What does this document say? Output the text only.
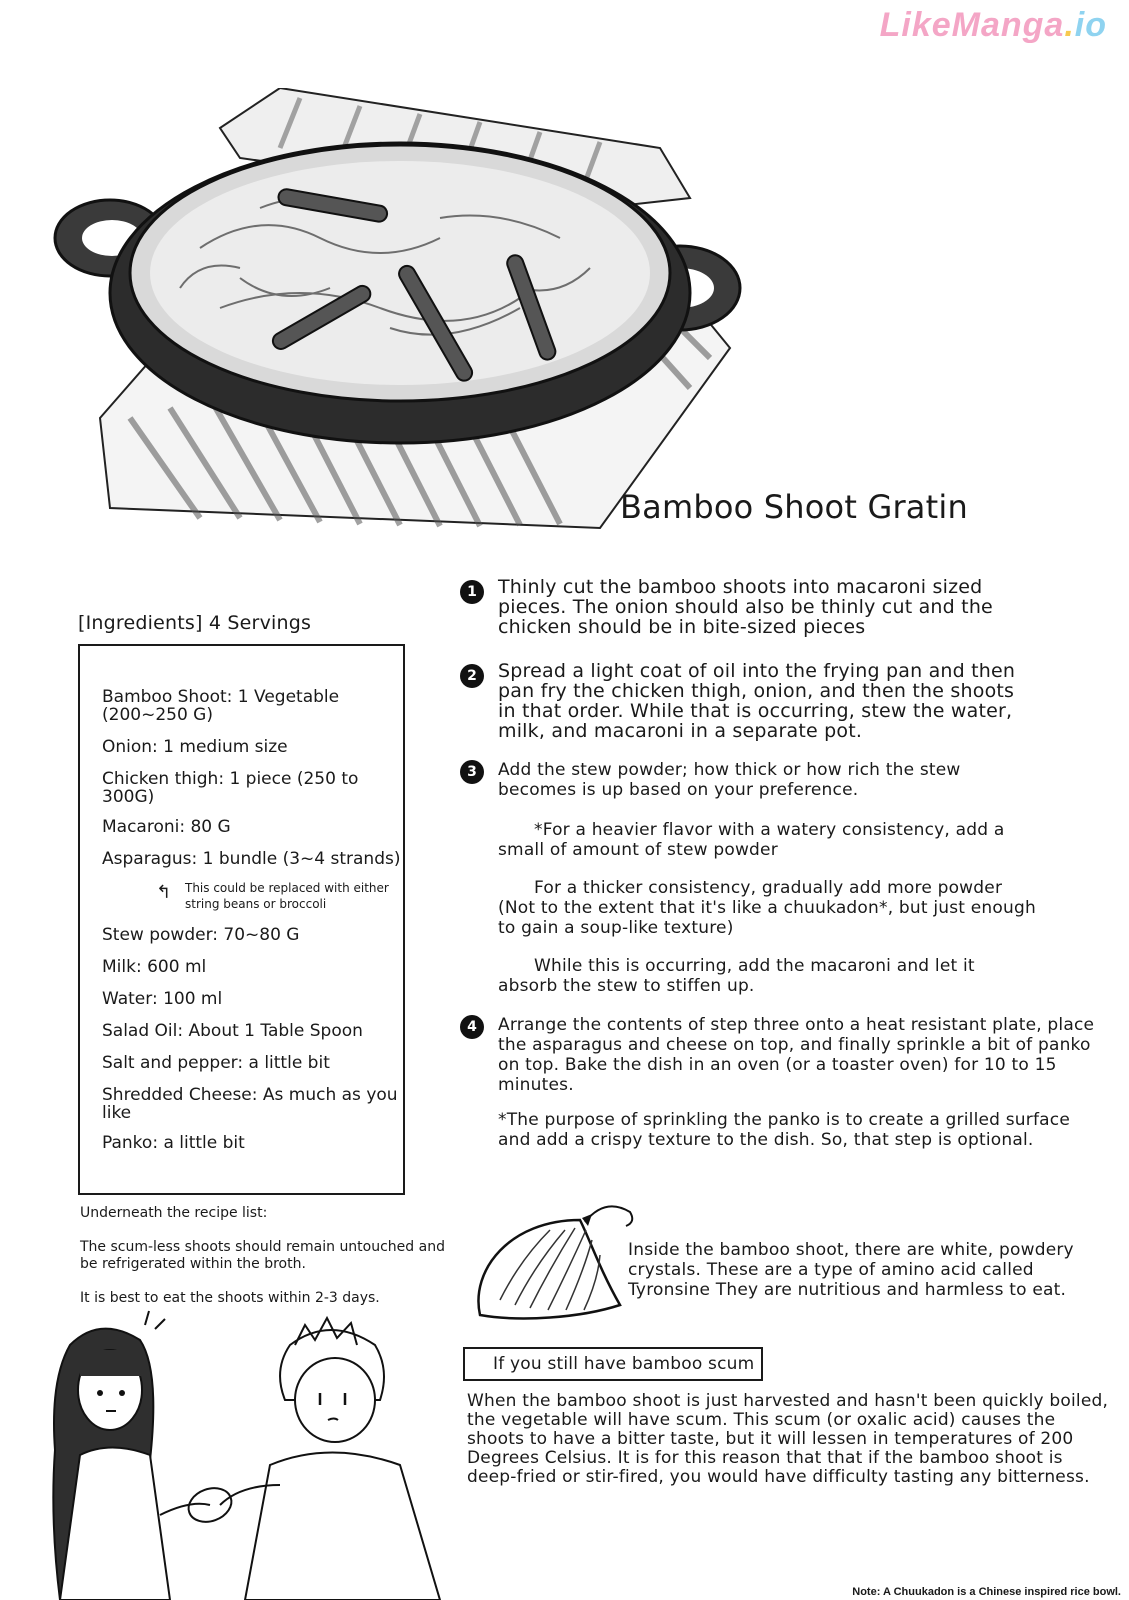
LikeManga.io
Bamboo Shoot Gratin
[Ingredients] 4 Servings
Bamboo Shoot: 1 Vegetable (200~250 G)
Onion: 1 medium size
Chicken thigh: 1 piece (250 to 300G)
Macaroni: 80 G
Asparagus: 1 bundle (3~4 strands)
↰ This could be replaced with either string beans or broccoli
Stew powder: 70~80 G
Milk: 600 ml
Water: 100 ml
Salad Oil: About 1 Table Spoon
Salt and pepper: a little bit
Shredded Cheese: As much as you like
Panko: a little bit
Underneath the recipe list:
The scum-less shoots should remain untouched and be refrigerated within the broth.
It is best to eat the shoots within 2-3 days.
1	Thinly cut the bamboo shoots into macaroni sized pieces. The onion should also be thinly cut and the chicken should be in bite-sized pieces
2	Spread a light coat of oil into the frying pan and then pan fry the chicken thigh, onion, and then the shoots in that order. While that is occurring, stew the water, milk, and macaroni in a separate pot.
3	Add the stew powder; how thick or how rich the stew becomes is up based on your preference.
*For a heavier flavor with a watery consistency, add a small of amount of stew powder
For a thicker consistency, gradually add more powder (Not to the extent that it's like a chuukadon*, but just enough to gain a soup-like texture)
While this is occurring, add the macaroni and let it absorb the stew to stiffen up.
4	Arrange the contents of step three onto a heat resistant plate, place the asparagus and cheese on top, and finally sprinkle a bit of panko on top. Bake the dish in an oven (or a toaster oven) for 10 to 15 minutes.
*The purpose of sprinkling the panko is to create a grilled surface and add a crispy texture to the dish. So, that step is optional.
Inside the bamboo shoot, there are white, powdery crystals. These are a type of amino acid called Tyronsine They are nutritious and harmless to eat.
If you still have bamboo scum
When the bamboo shoot is just harvested and hasn't been quickly boiled, the vegetable will have scum. This scum (or oxalic acid) causes the shoots to have a bitter taste, but it will lessen in temperatures of 200 Degrees Celsius. It is for this reason that that if the bamboo shoot is deep-fried or stir-fired, you would have difficulty tasting any bitterness.
Note: A Chuukadon is a Chinese inspired rice bowl.
